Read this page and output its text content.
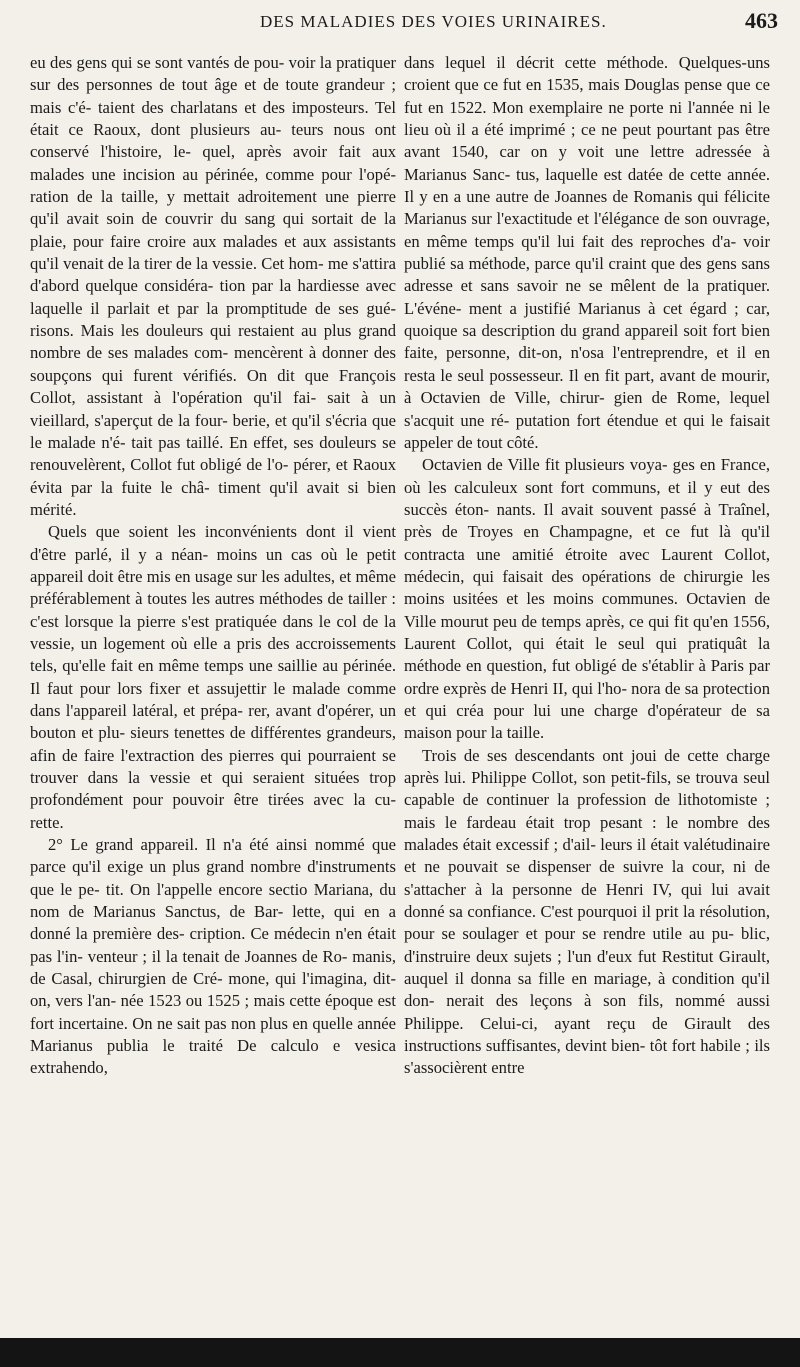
DES MALADIES DES VOIES URINAIRES.	463

eu des gens qui se sont vantés de pou- voir la pratiquer sur des personnes de tout âge et de toute grandeur ; mais c'é- taient des charlatans et des imposteurs. Tel était ce Raoux, dont plusieurs au- teurs nous ont conservé l'histoire, le- quel, après avoir fait aux malades une incision au périnée, comme pour l'opé- ration de la taille, y mettait adroitement une pierre qu'il avait soin de couvrir du sang qui sortait de la plaie, pour faire croire aux malades et aux assistants qu'il venait de la tirer de la vessie. Cet hom- me s'attira d'abord quelque considéra- tion par la hardiesse avec laquelle il parlait et par la promptitude de ses gué- risons. Mais les douleurs qui restaient au plus grand nombre de ses malades com- mencèrent à donner des soupçons qui furent vérifiés. On dit que François Collot, assistant à l'opération qu'il fai- sait à un vieillard, s'aperçut de la four- berie, et qu'il s'écria que le malade n'é- tait pas taillé. En effet, ses douleurs se renouvelèrent, Collot fut obligé de l'o- pérer, et Raoux évita par la fuite le châ- timent qu'il avait si bien mérité.

Quels que soient les inconvénients dont il vient d'être parlé, il y a néan- moins un cas où le petit appareil doit être mis en usage sur les adultes, et même préférablement à toutes les autres méthodes de tailler : c'est lorsque la pierre s'est pratiquée dans le col de la vessie, un logement où elle a pris des accroissements tels, qu'elle fait en même temps une saillie au périnée. Il faut pour lors fixer et assujettir le malade comme dans l'appareil latéral, et prépa- rer, avant d'opérer, un bouton et plu- sieurs tenettes de différentes grandeurs, afin de faire l'extraction des pierres qui pourraient se trouver dans la vessie et qui seraient situées trop profondément pour pouvoir être tirées avec la cu- rette.

2° Le grand appareil. Il n'a été ainsi nommé que parce qu'il exige un plus grand nombre d'instruments que le pe- tit. On l'appelle encore sectio Mariana, du nom de Marianus Sanctus, de Bar- lette, qui en a donné la première des- cription. Ce médecin n'en était pas l'in- venteur ; il la tenait de Joannes de Ro- manis, de Casal, chirurgien de Cré- mone, qui l'imagina, dit-on, vers l'an- née 1523 ou 1525 ; mais cette époque est fort incertaine. On ne sait pas non plus en quelle année Marianus publia le traité De calculo e vesica extrahendo,

dans lequel il décrit cette méthode. Quelques-uns croient que ce fut en 1535, mais Douglas pense que ce fut en 1522. Mon exemplaire ne porte ni l'année ni le lieu où il a été imprimé ; ce ne peut pourtant pas être avant 1540, car on y voit une lettre adressée à Marianus Sanc- tus, laquelle est datée de cette année. Il y en a une autre de Joannes de Romanis qui félicite Marianus sur l'exactitude et l'élégance de son ouvrage, en même temps qu'il lui fait des reproches d'a- voir publié sa méthode, parce qu'il craint que des gens sans adresse et sans savoir ne se mêlent de la pratiquer. L'événe- ment a justifié Marianus à cet égard ; car, quoique sa description du grand appareil soit fort bien faite, personne, dit-on, n'osa l'entreprendre, et il en resta le seul possesseur. Il en fit part, avant de mourir, à Octavien de Ville, chirur- gien de Rome, lequel s'acquit une ré- putation fort étendue et qui le faisait appeler de tout côté.

Octavien de Ville fit plusieurs voya- ges en France, où les calculeux sont fort communs, et il y eut des succès éton- nants. Il avait souvent passé à Traînel, près de Troyes en Champagne, et ce fut là qu'il contracta une amitié étroite avec Laurent Collot, médecin, qui faisait des opérations de chirurgie les moins usitées et les moins communes. Octavien de Ville mourut peu de temps après, ce qui fit qu'en 1556, Laurent Collot, qui était le seul qui pratiquât la méthode en question, fut obligé de s'établir à Paris par ordre exprès de Henri II, qui l'ho- nora de sa protection et qui créa pour lui une charge d'opérateur de sa maison pour la taille.

Trois de ses descendants ont joui de cette charge après lui. Philippe Collot, son petit-fils, se trouva seul capable de continuer la profession de lithotomiste ; mais le fardeau était trop pesant : le nombre des malades était excessif ; d'ail- leurs il était valétudinaire et ne pouvait se dispenser de suivre la cour, ni de s'attacher à la personne de Henri IV, qui lui avait donné sa confiance. C'est pourquoi il prit la résolution, pour se soulager et pour se rendre utile au pu- blic, d'instruire deux sujets ; l'un d'eux fut Restitut Girault, auquel il donna sa fille en mariage, à condition qu'il don- nerait des leçons à son fils, nommé aussi Philippe. Celui-ci, ayant reçu de Girault des instructions suffisantes, devint bien- tôt fort habile ; ils s'associèrent entre
